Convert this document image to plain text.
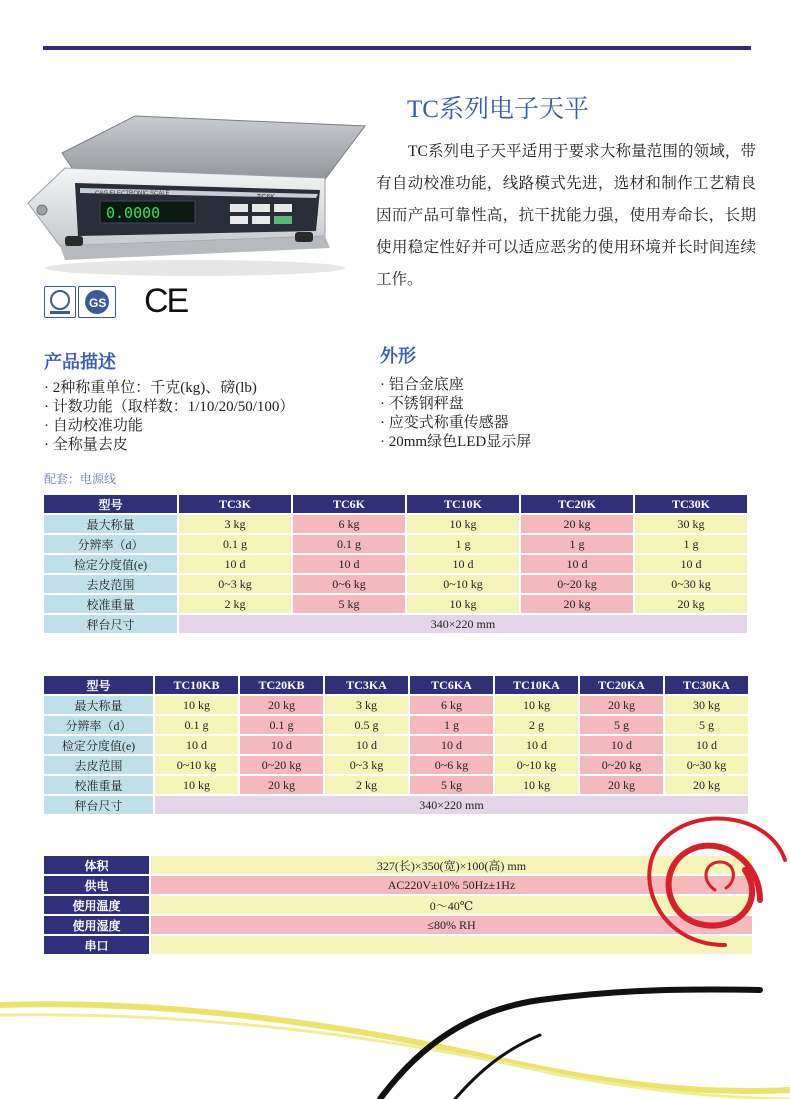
C&G ELECTRONIC SCALE	TC6K
0.0000
GS CE
TC系列电子天平
TC系列电子天平适用于要求大称量范围的领域，带有自动校准功能，线路模式先进，选材和制作工艺精良因而产品可靠性高，抗干扰能力强，使用寿命长，长期使用稳定性好并可以适应恶劣的使用环境并长时间连续工作。
产品描述
· 2种称重单位：千克(kg)、磅(lb)
· 计数功能（取样数：1/10/20/50/100）
· 自动校准功能
· 全称量去皮
外形
· 铝合金底座
· 不锈钢秤盘
· 应变式称重传感器
· 20mm绿色LED显示屏
配套：电源线
型号	TC3K	TC6K	TC10K	TC20K	TC30K
最大称量	3 kg	6 kg	10 kg	20 kg	30 kg
分辨率（d）	0.1 g	0.1 g	1 g	1 g	1 g
检定分度值(e)	10 d	10 d	10 d	10 d	10 d
去皮范围	0~3 kg	0~6 kg	0~10 kg	0~20 kg	0~30 kg
校准重量	2 kg	5 kg	10 kg	20 kg	20 kg
秤台尺寸	340×220 mm				
型号	TC10KB	TC20KB	TC3KA	TC6KA	TC10KA	TC20KA	TC30KA
最大称量	10 kg	20 kg	3 kg	6 kg	10 kg	20 kg	30 kg
分辨率（d）	0.1 g	0.1 g	0.5 g	1 g	2 g	5 g	5 g
检定分度值(e)	10 d	10 d	10 d	10 d	10 d	10 d	10 d
去皮范围	0~10 kg	0~20 kg	0~3 kg	0~6 kg	0~10 kg	0~20 kg	0~30 kg
校准重量	10 kg	20 kg	2 kg	5 kg	10 kg	20 kg	20 kg
秤台尺寸	340×220 mm						
体积	327(长)×350(宽)×100(高) mm
供电	AC220V±10% 50Hz±1Hz
使用温度	0～40℃
使用湿度	≤80% RH
串口	
